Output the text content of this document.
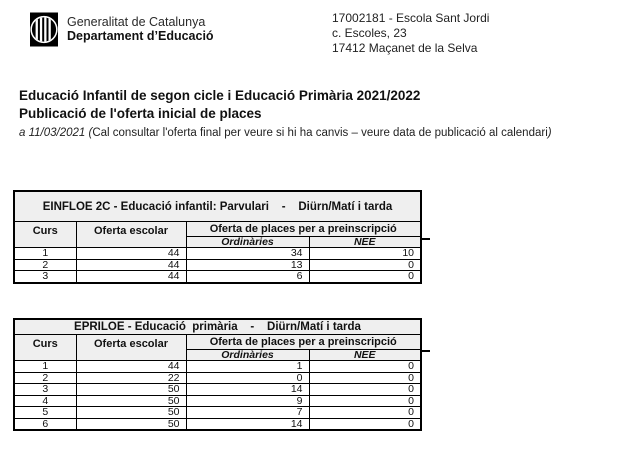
Generalitat de Catalunya
Departament d’Educació
17002181 - Escola Sant Jordi
c. Escoles, 23
17412 Maçanet de la Selva
Educació Infantil de segon cicle i Educació Primària 2021/2022
Publicació de l'oferta inicial de places

a 11/03/2021 (Cal consultar l'oferta final per veure si hi ha canvis – veure data de publicació al calendari)

EINFLOE 2C - Educació infantil: Parvulari    -    Diürn/Matí i tarda			
Curs	Oferta escolar	Oferta de places per a preinscripció	
		Ordinàries	NEE
1	44	34	10
2	44	13	0
3	44	6	0
EPRILOE - Educació  primària    -    Diürn/Matí i tarda			
Curs	Oferta escolar	Oferta de places per a preinscripció	
		Ordinàries	NEE
1	44	1	0
2	22	0	0
3	50	14	0
4	50	9	0
5	50	7	0
6	50	14	0
